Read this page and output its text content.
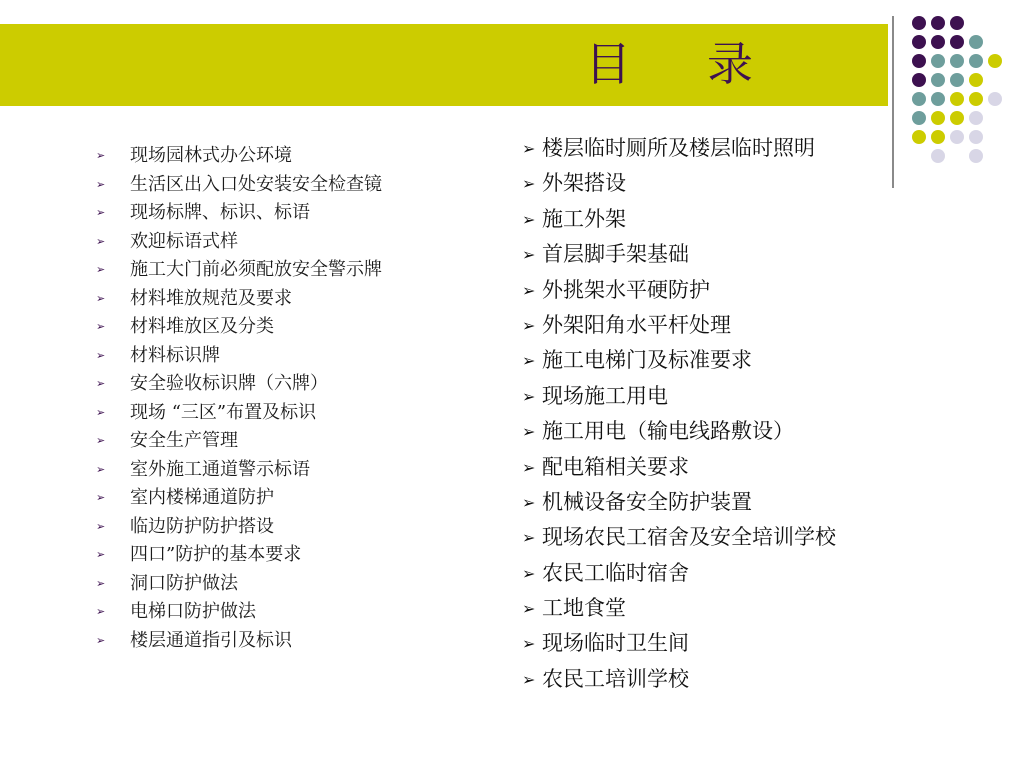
目录
➢	现场园林式办公环境
➢	生活区出入口处安装安全检查镜
➢	现场标牌、标识、标语
➢	欢迎标语式样
➢	施工大门前必须配放安全警示牌
➢	材料堆放规范及要求
➢	材料堆放区及分类
➢	材料标识牌
➢	安全验收标识牌（六牌）
➢	现场 “三区”布置及标识
➢	安全生产管理
➢	室外施工通道警示标语
➢	室内楼梯通道防护
➢	临边防护防护搭设
➢	四口”防护的基本要求
➢	洞口防护做法
➢	电梯口防护做法
➢	楼层通道指引及标识
➢ 楼层临时厕所及楼层临时照明
➢ 外架搭设
➢ 施工外架
➢ 首层脚手架基础
➢ 外挑架水平硬防护
➢ 外架阳角水平杆处理
➢ 施工电梯门及标准要求
➢ 现场施工用电
➢ 施工用电（输电线路敷设）
➢ 配电箱相关要求
➢ 机械设备安全防护装置
➢ 现场农民工宿舍及安全培训学校
➢ 农民工临时宿舍
➢ 工地食堂
➢ 现场临时卫生间
➢ 农民工培训学校
